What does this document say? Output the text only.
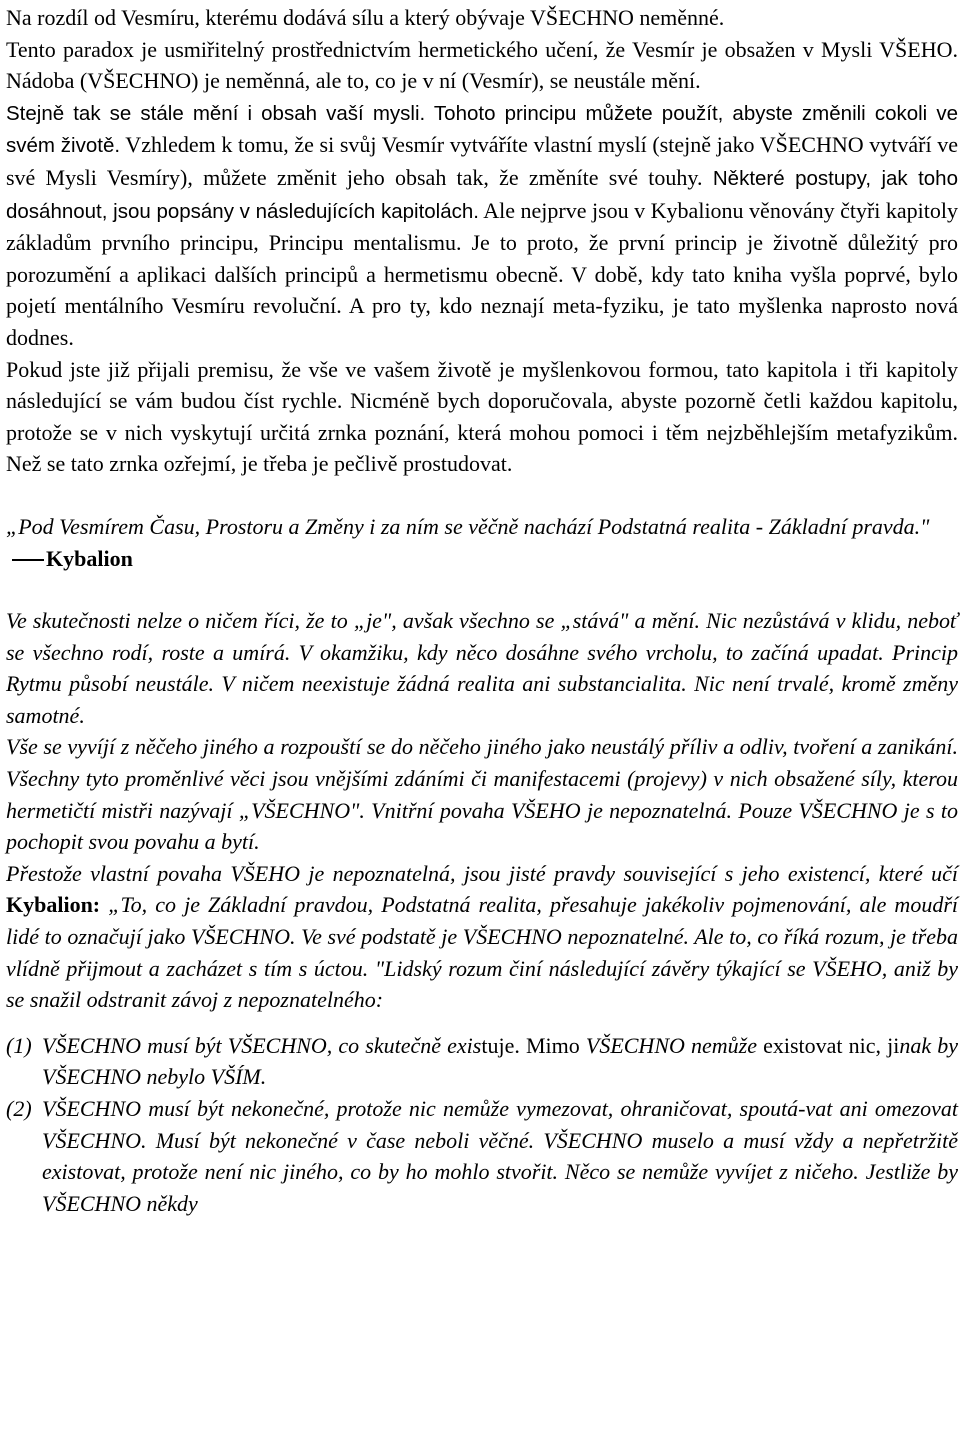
Na rozdíl od Vesmíru, kterému dodává sílu a který obývaje VŠECHNO neměnné.

Tento paradox je usmiřitelný prostřednictvím hermetického učení, že Vesmír je obsažen v Mysli VŠEHO. Nádoba (VŠECHNO) je neměnná, ale to, co je v ní (Vesmír), se neustále mění.

Stejně tak se stále mění i obsah vaší mysli. Tohoto principu můžete použít, abyste změnili cokoli ve svém životě. Vzhledem k tomu, že si svůj Vesmír vytváříte vlastní myslí (stejně jako VŠECHNO vytváří ve své Mysli Vesmíry), můžete změnit jeho obsah tak, že změníte své touhy. Některé postupy, jak toho dosáhnout, jsou popsány v následujících kapitolách. Ale nejprve jsou v Kybalionu věnovány čtyři kapitoly základům prvního principu, Principu mentalismu. Je to proto, že první princip je životně důležitý pro porozumění a aplikaci dalších principů a hermetismu obecně. V době, kdy tato kniha vyšla poprvé, bylo pojetí mentálního Vesmíru revoluční. A pro ty, kdo neznají meta-fyziku, je tato myšlenka naprosto nová dodnes.

Pokud jste již přijali premisu, že vše ve vašem životě je myšlenkovou formou, tato kapitola i tři kapitoly následující se vám budou číst rychle. Nicméně bych doporučovala, abyste pozorně četli každou kapitolu, protože se v nich vyskytují určitá zrnka poznání, která mohou pomoci i těm nejzběhlejším metafyzikům. Než se tato zrnka ozřejmí, je třeba je pečlivě prostudovat.

„Pod Vesmírem Času, Prostoru a Změny i za ním se věčně nachází Podstatná realita - Základní pravda."

Kybalion

Ve skutečnosti nelze o ničem říci, že to „je", avšak všechno se „stává" a mění. Nic nezůstává v klidu, neboť se všechno rodí, roste a umírá. V okamžiku, kdy něco dosáhne svého vrcholu, to začíná upadat. Princip Rytmu působí neustále. V ničem neexistuje žádná realita ani substancialita. Nic není trvalé, kromě změny samotné.

Vše se vyvíjí z něčeho jiného a rozpouští se do něčeho jiného jako neustálý příliv a odliv, tvoření a zanikání. Všechny tyto proměnlivé věci jsou vnějšími zdáními či manifestacemi (projevy) v nich obsažené síly, kterou hermetičtí mistři nazývají „VŠECHNO". Vnitřní povaha VŠEHO je nepoznatelná. Pouze VŠECHNO je s to pochopit svou povahu a bytí.

Přestože vlastní povaha VŠEHO je nepoznatelná, jsou jisté pravdy související s jeho existencí, které učí Kybalion: „To, co je Základní pravdou, Podstatná realita, přesahuje jakékoliv pojmenování, ale moudří lidé to označují jako VŠECHNO. Ve své podstatě je VŠECHNO nepoznatelné. Ale to, co říká rozum, je třeba vlídně přijmout a zacházet s tím s úctou. "Lidský rozum činí následující závěry týkající se VŠEHO, aniž by se snažil odstranit závoj z nepoznatelného:

(1) VŠECHNO musí být VŠECHNO, co skutečně existuje. Mimo VŠECHNO nemůže existovat nic, jinak by VŠECHNO nebylo VŠÍM.
(2) VŠECHNO musí být nekonečné, protože nic nemůže vymezovat, ohraničovat, spoutá-vat ani omezovat VŠECHNO. Musí být nekonečné v čase neboli věčné. VŠECHNO muselo a musí vždy a nepřetržitě existovat, protože není nic jiného, co by ho mohlo stvořit. Něco se nemůže vyvíjet z ničeho. Jestliže by VŠECHNO někdy
